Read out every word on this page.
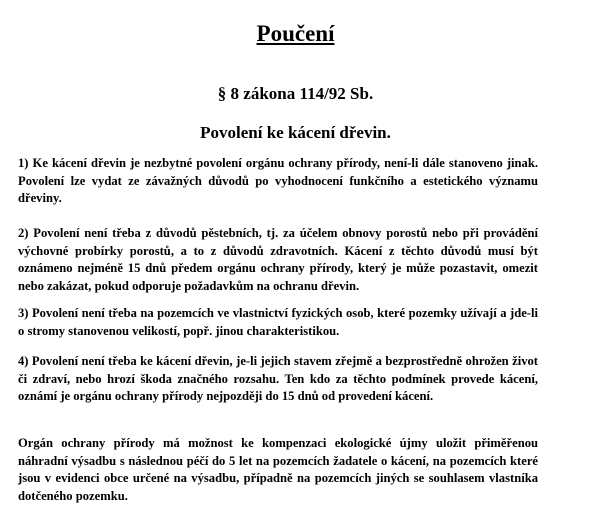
Poučení
§ 8 zákona 114/92 Sb.
Povolení ke kácení dřevin.

1) Ke kácení dřevin je nezbytné povolení orgánu ochrany přírody, není-li dále stanoveno jinak. Povolení lze vydat ze závažných důvodů po vyhodnocení funkčního a estetického významu dřeviny.

2) Povolení není třeba z důvodů pěstebních, tj. za účelem obnovy porostů nebo při provádění výchovné probírky porostů, a to z důvodů zdravotních. Kácení z těchto důvodů musí být oznámeno nejméně 15 dnů předem orgánu ochrany přírody, který je může pozastavit, omezit nebo zakázat, pokud odporuje požadavkům na ochranu dřevin.

3) Povolení není třeba na pozemcích ve vlastnictví fyzických osob, které pozemky užívají a jde-li o stromy stanovenou velikostí, popř. jinou charakteristikou.

4) Povolení není třeba ke kácení dřevin, je-li jejich stavem zřejmě a bezprostředně ohrožen život či zdraví, nebo hrozí škoda značného rozsahu. Ten kdo za těchto podmínek provede kácení, oznámí je orgánu ochrany přírody nejpozději do 15 dnů od provedení kácení.

Orgán ochrany přírody má možnost ke kompenzaci ekologické újmy uložit přiměřenou náhradní výsadbu s následnou péčí do 5 let na pozemcích žadatele o kácení, na pozemcích které jsou v evidenci obce určené na výsadbu, případně na pozemcích jiných se souhlasem vlastníka dotčeného pozemku.
